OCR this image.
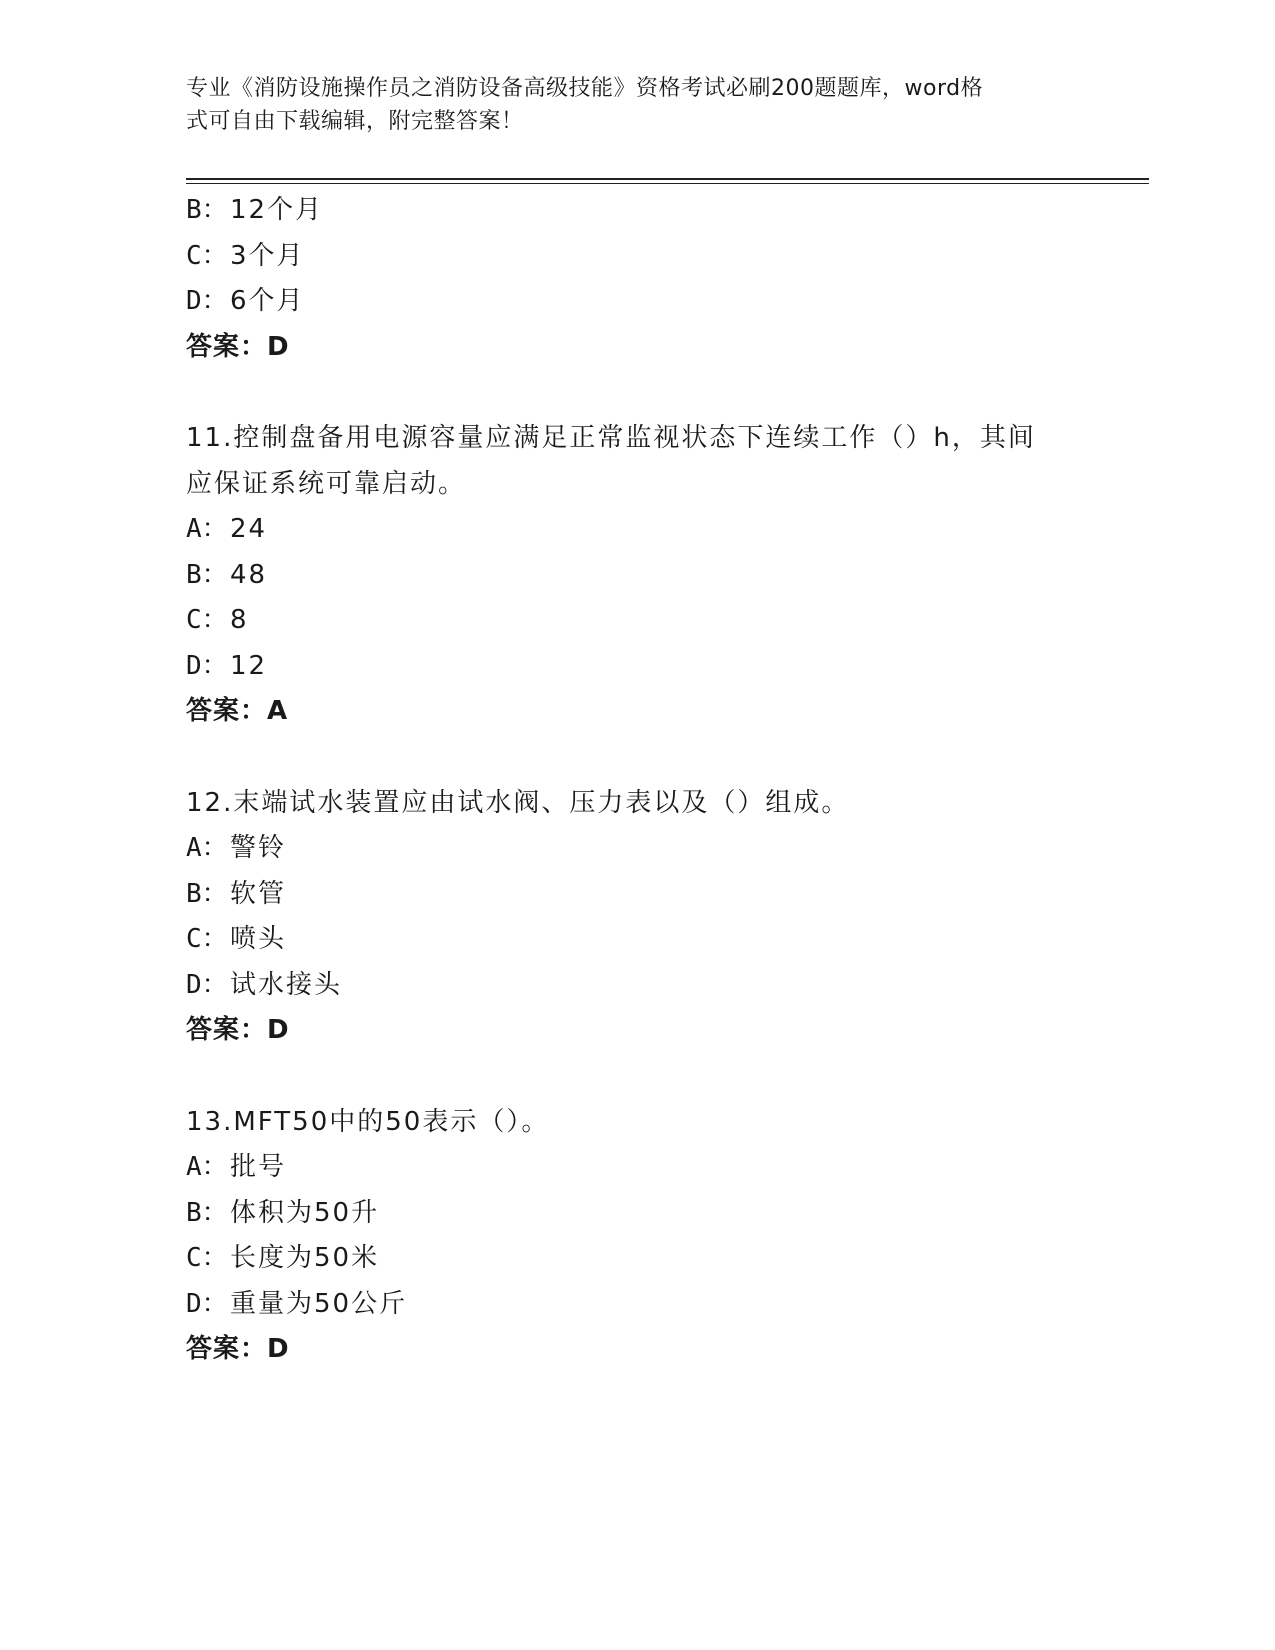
专业《消防设施操作员之消防设备高级技能》资格考试必刷200题题库，word格
式可自由下载编辑，附完整答案！
B：12个月
C：3个月
D：6个月
答案：D
11.控制盘备用电源容量应满足正常监视状态下连续工作（）h，其间
应保证系统可靠启动。
A：24
B：48
C：8
D：12
答案：A
12.末端试水装置应由试水阀、压力表以及（）组成。
A：警铃
B：软管
C：喷头
D：试水接头
答案：D
13.MFT50中的50表示（）。
A：批号
B：体积为50升
C：长度为50米
D：重量为50公斤
答案：D
